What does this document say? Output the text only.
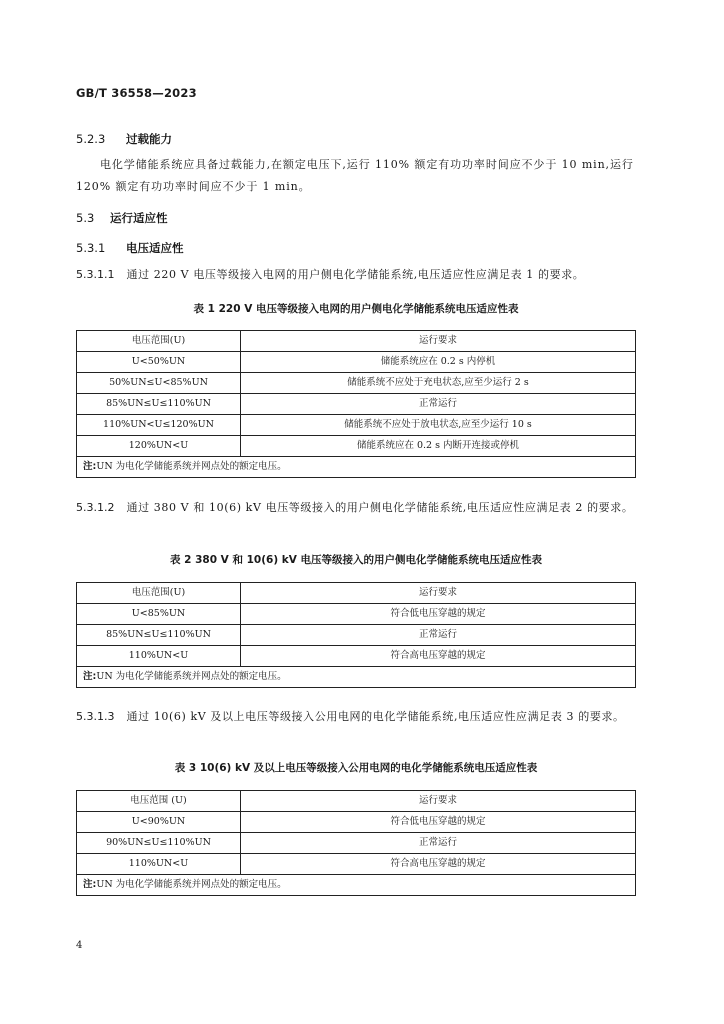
GB/T 36558—2023
5.2.3 过载能力
电化学储能系统应具备过载能力,在额定电压下,运行 110% 额定有功功率时间应不少于 10 min,运行 120% 额定有功功率时间应不少于 1 min。
5.3 运行适应性
5.3.1 电压适应性
5.3.1.1 通过 220 V 电压等级接入电网的用户侧电化学储能系统,电压适应性应满足表 1 的要求。
表 1 220 V 电压等级接入电网的用户侧电化学储能系统电压适应性表
电压范围(U)	运行要求
U<50%UN	储能系统应在 0.2 s 内停机
50%UN≤U<85%UN	储能系统不应处于充电状态,应至少运行 2 s
85%UN≤U≤110%UN	正常运行
110%UN<U≤120%UN	储能系统不应处于放电状态,应至少运行 10 s
120%UN<U	储能系统应在 0.2 s 内断开连接或停机
注:UN 为电化学储能系统并网点处的额定电压。	
5.3.1.2 通过 380 V 和 10(6) kV 电压等级接入的用户侧电化学储能系统,电压适应性应满足表 2 的要求。
表 2 380 V 和 10(6) kV 电压等级接入的用户侧电化学储能系统电压适应性表
电压范围(U)	运行要求
U<85%UN	符合低电压穿越的规定
85%UN≤U≤110%UN	正常运行
110%UN<U	符合高电压穿越的规定
注:UN 为电化学储能系统并网点处的额定电压。	
5.3.1.3 通过 10(6) kV 及以上电压等级接入公用电网的电化学储能系统,电压适应性应满足表 3 的要求。
表 3 10(6) kV 及以上电压等级接入公用电网的电化学储能系统电压适应性表
电压范围 (U)	运行要求
U<90%UN	符合低电压穿越的规定
90%UN≤U≤110%UN	正常运行
110%UN<U	符合高电压穿越的规定
注:UN 为电化学储能系统并网点处的额定电压。	
4
